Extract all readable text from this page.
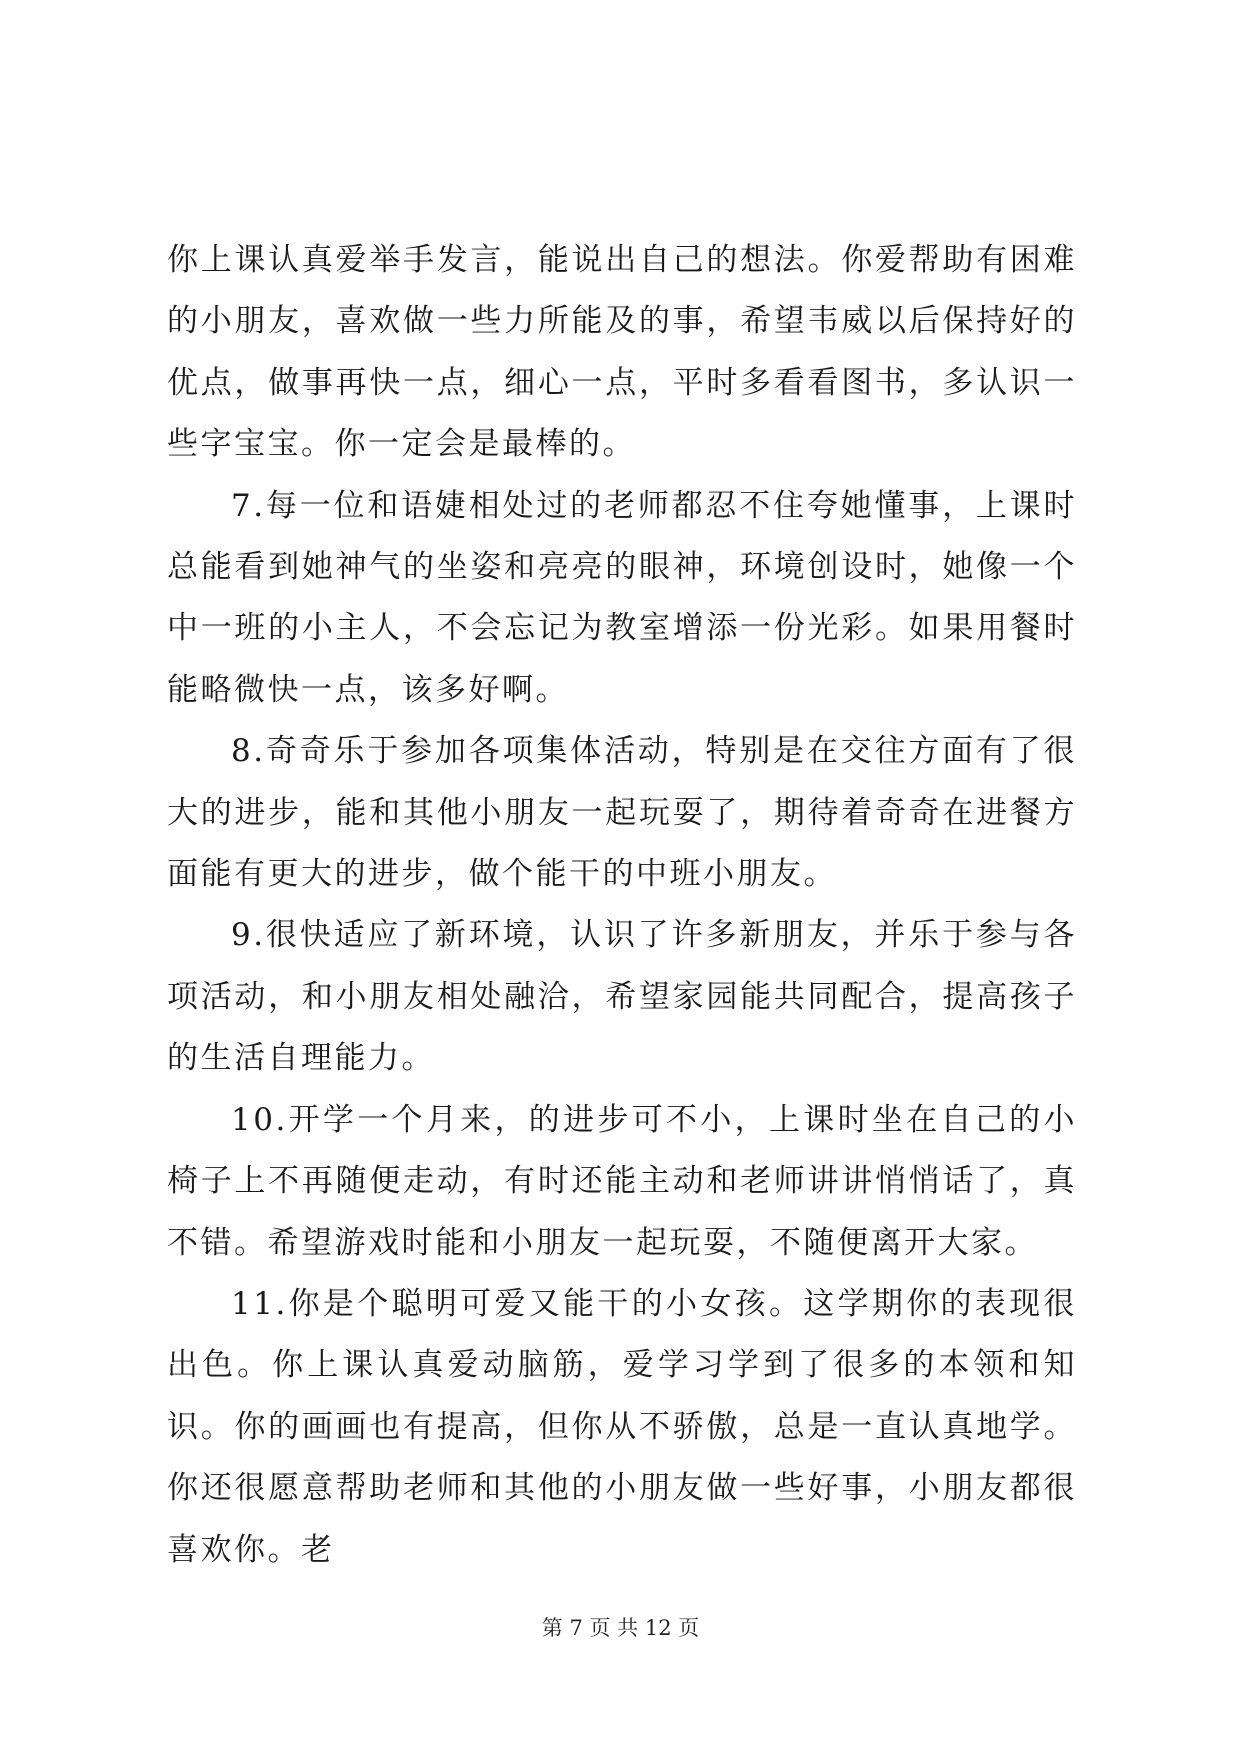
你上课认真爱举手发言，能说出自己的想法。你爱帮助有困难的小朋友，喜欢做一些力所能及的事，希望韦威以后保持好的优点，做事再快一点，细心一点，平时多看看图书，多认识一些字宝宝。你一定会是最棒的。

7.每一位和语婕相处过的老师都忍不住夸她懂事，上课时总能看到她神气的坐姿和亮亮的眼神，环境创设时，她像一个中一班的小主人，不会忘记为教室增添一份光彩。如果用餐时能略微快一点，该多好啊。

8.奇奇乐于参加各项集体活动，特别是在交往方面有了很大的进步，能和其他小朋友一起玩耍了，期待着奇奇在进餐方面能有更大的进步，做个能干的中班小朋友。

9.很快适应了新环境，认识了许多新朋友，并乐于参与各项活动，和小朋友相处融洽，希望家园能共同配合，提高孩子的生活自理能力。

10.开学一个月来，的进步可不小，上课时坐在自己的小椅子上不再随便走动，有时还能主动和老师讲讲悄悄话了，真不错。希望游戏时能和小朋友一起玩耍，不随便离开大家。

11.你是个聪明可爱又能干的小女孩。这学期你的表现很出色。你上课认真爱动脑筋，爱学习学到了很多的本领和知识。你的画画也有提高，但你从不骄傲，总是一直认真地学。你还很愿意帮助老师和其他的小朋友做一些好事，小朋友都很喜欢你。老

第 7 页 共 12 页
